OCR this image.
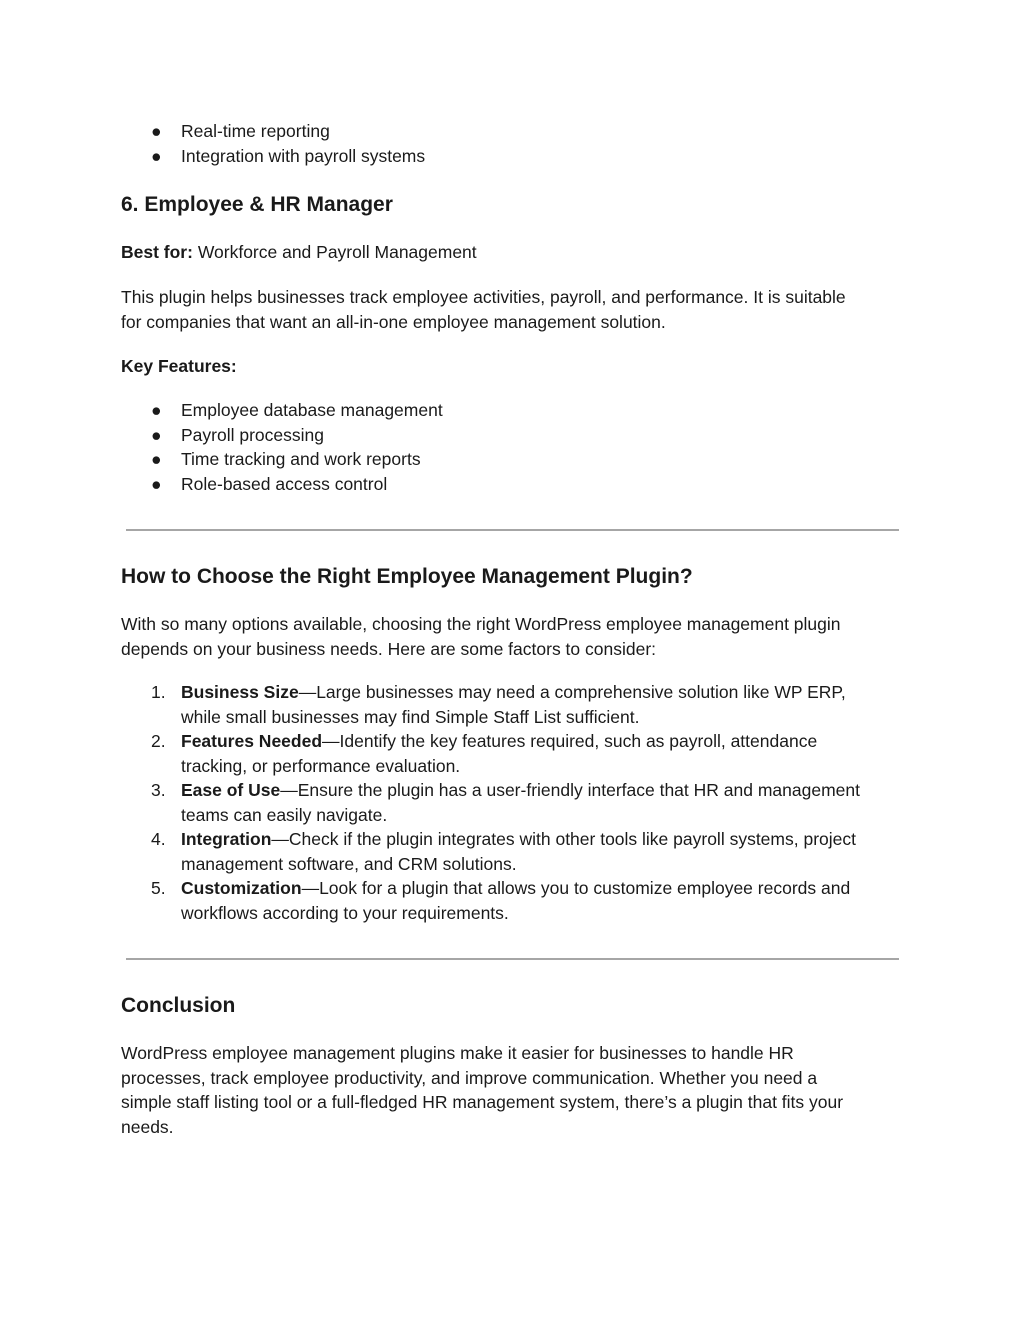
●	Real-time reporting
●	Integration with payroll systems
6. Employee & HR Manager

Best for: Workforce and Payroll Management

This plugin helps businesses track employee activities, payroll, and performance. It is suitable
for companies that want an all-in-one employee management solution.

Key Features:

●	Employee database management
●	Payroll processing
●	Time tracking and work reports
●	Role-based access control
How to Choose the Right Employee Management Plugin?

With so many options available, choosing the right WordPress employee management plugin
depends on your business needs. Here are some factors to consider:

1. Business Size—Large businesses may need a comprehensive solution like WP ERP,
while small businesses may find Simple Staff List sufficient.
2. Features Needed—Identify the key features required, such as payroll, attendance
tracking, or performance evaluation.
3. Ease of Use—Ensure the plugin has a user-friendly interface that HR and management
teams can easily navigate.
4. Integration—Check if the plugin integrates with other tools like payroll systems, project
management software, and CRM solutions.
5. Customization—Look for a plugin that allows you to customize employee records and
workflows according to your requirements.
Conclusion

WordPress employee management plugins make it easier for businesses to handle HR
processes, track employee productivity, and improve communication. Whether you need a
simple staff listing tool or a full-fledged HR management system, there’s a plugin that fits your
needs.
